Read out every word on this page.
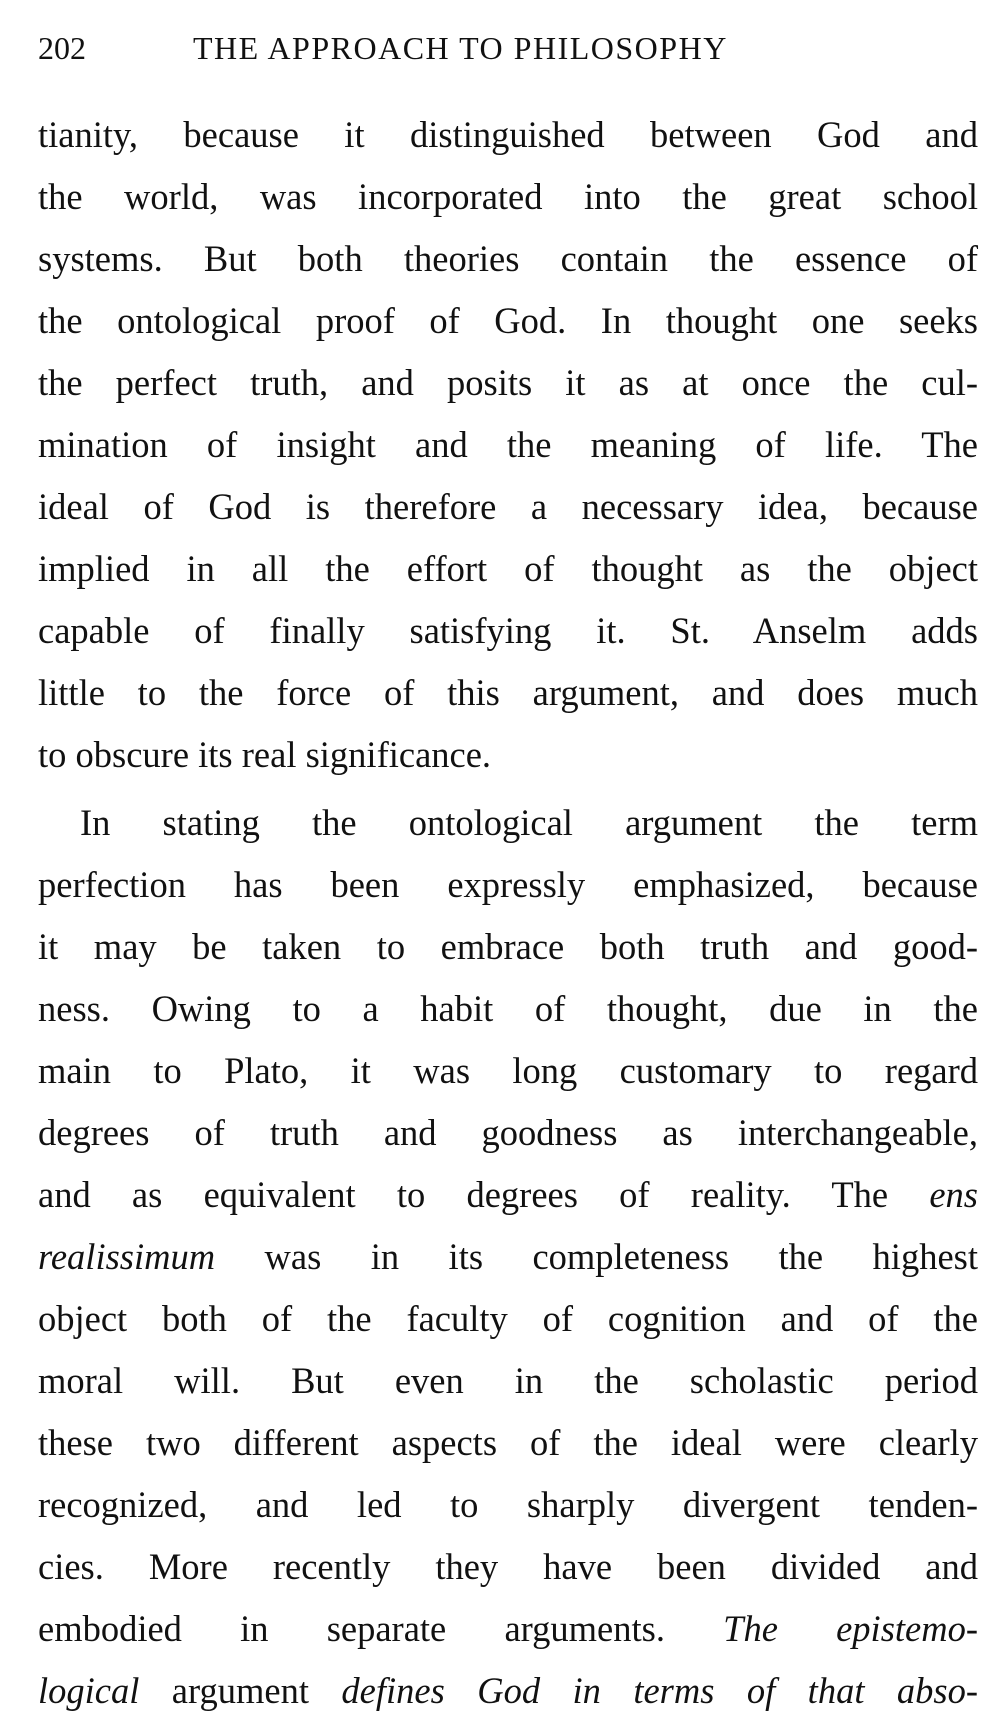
202	THE APPROACH TO PHILOSOPHY
tianity, because it distinguished between God and
the world, was incorporated into the great school
systems. But both theories contain the essence of
the ontological proof of God. In thought one seeks
the perfect truth, and posits it as at once the cul-
mination of insight and the meaning of life. The
ideal of God is therefore a necessary idea, because
implied in all the effort of thought as the object
capable of finally satisfying it. St. Anselm adds
little to the force of this argument, and does much
to obscure its real significance.
In stating the ontological argument the term
perfection has been expressly emphasized, because
it may be taken to embrace both truth and good-
ness. Owing to a habit of thought, due in the
main to Plato, it was long customary to regard
degrees of truth and goodness as interchangeable,
and as equivalent to degrees of reality. The ens
realissimum was in its completeness the highest
object both of the faculty of cognition and of the
moral will. But even in the scholastic period
these two different aspects of the ideal were clearly
recognized, and led to sharply divergent tenden-
cies. More recently they have been divided and
embodied in separate arguments. The epistemo-
logical argument defines God in terms of that abso-
